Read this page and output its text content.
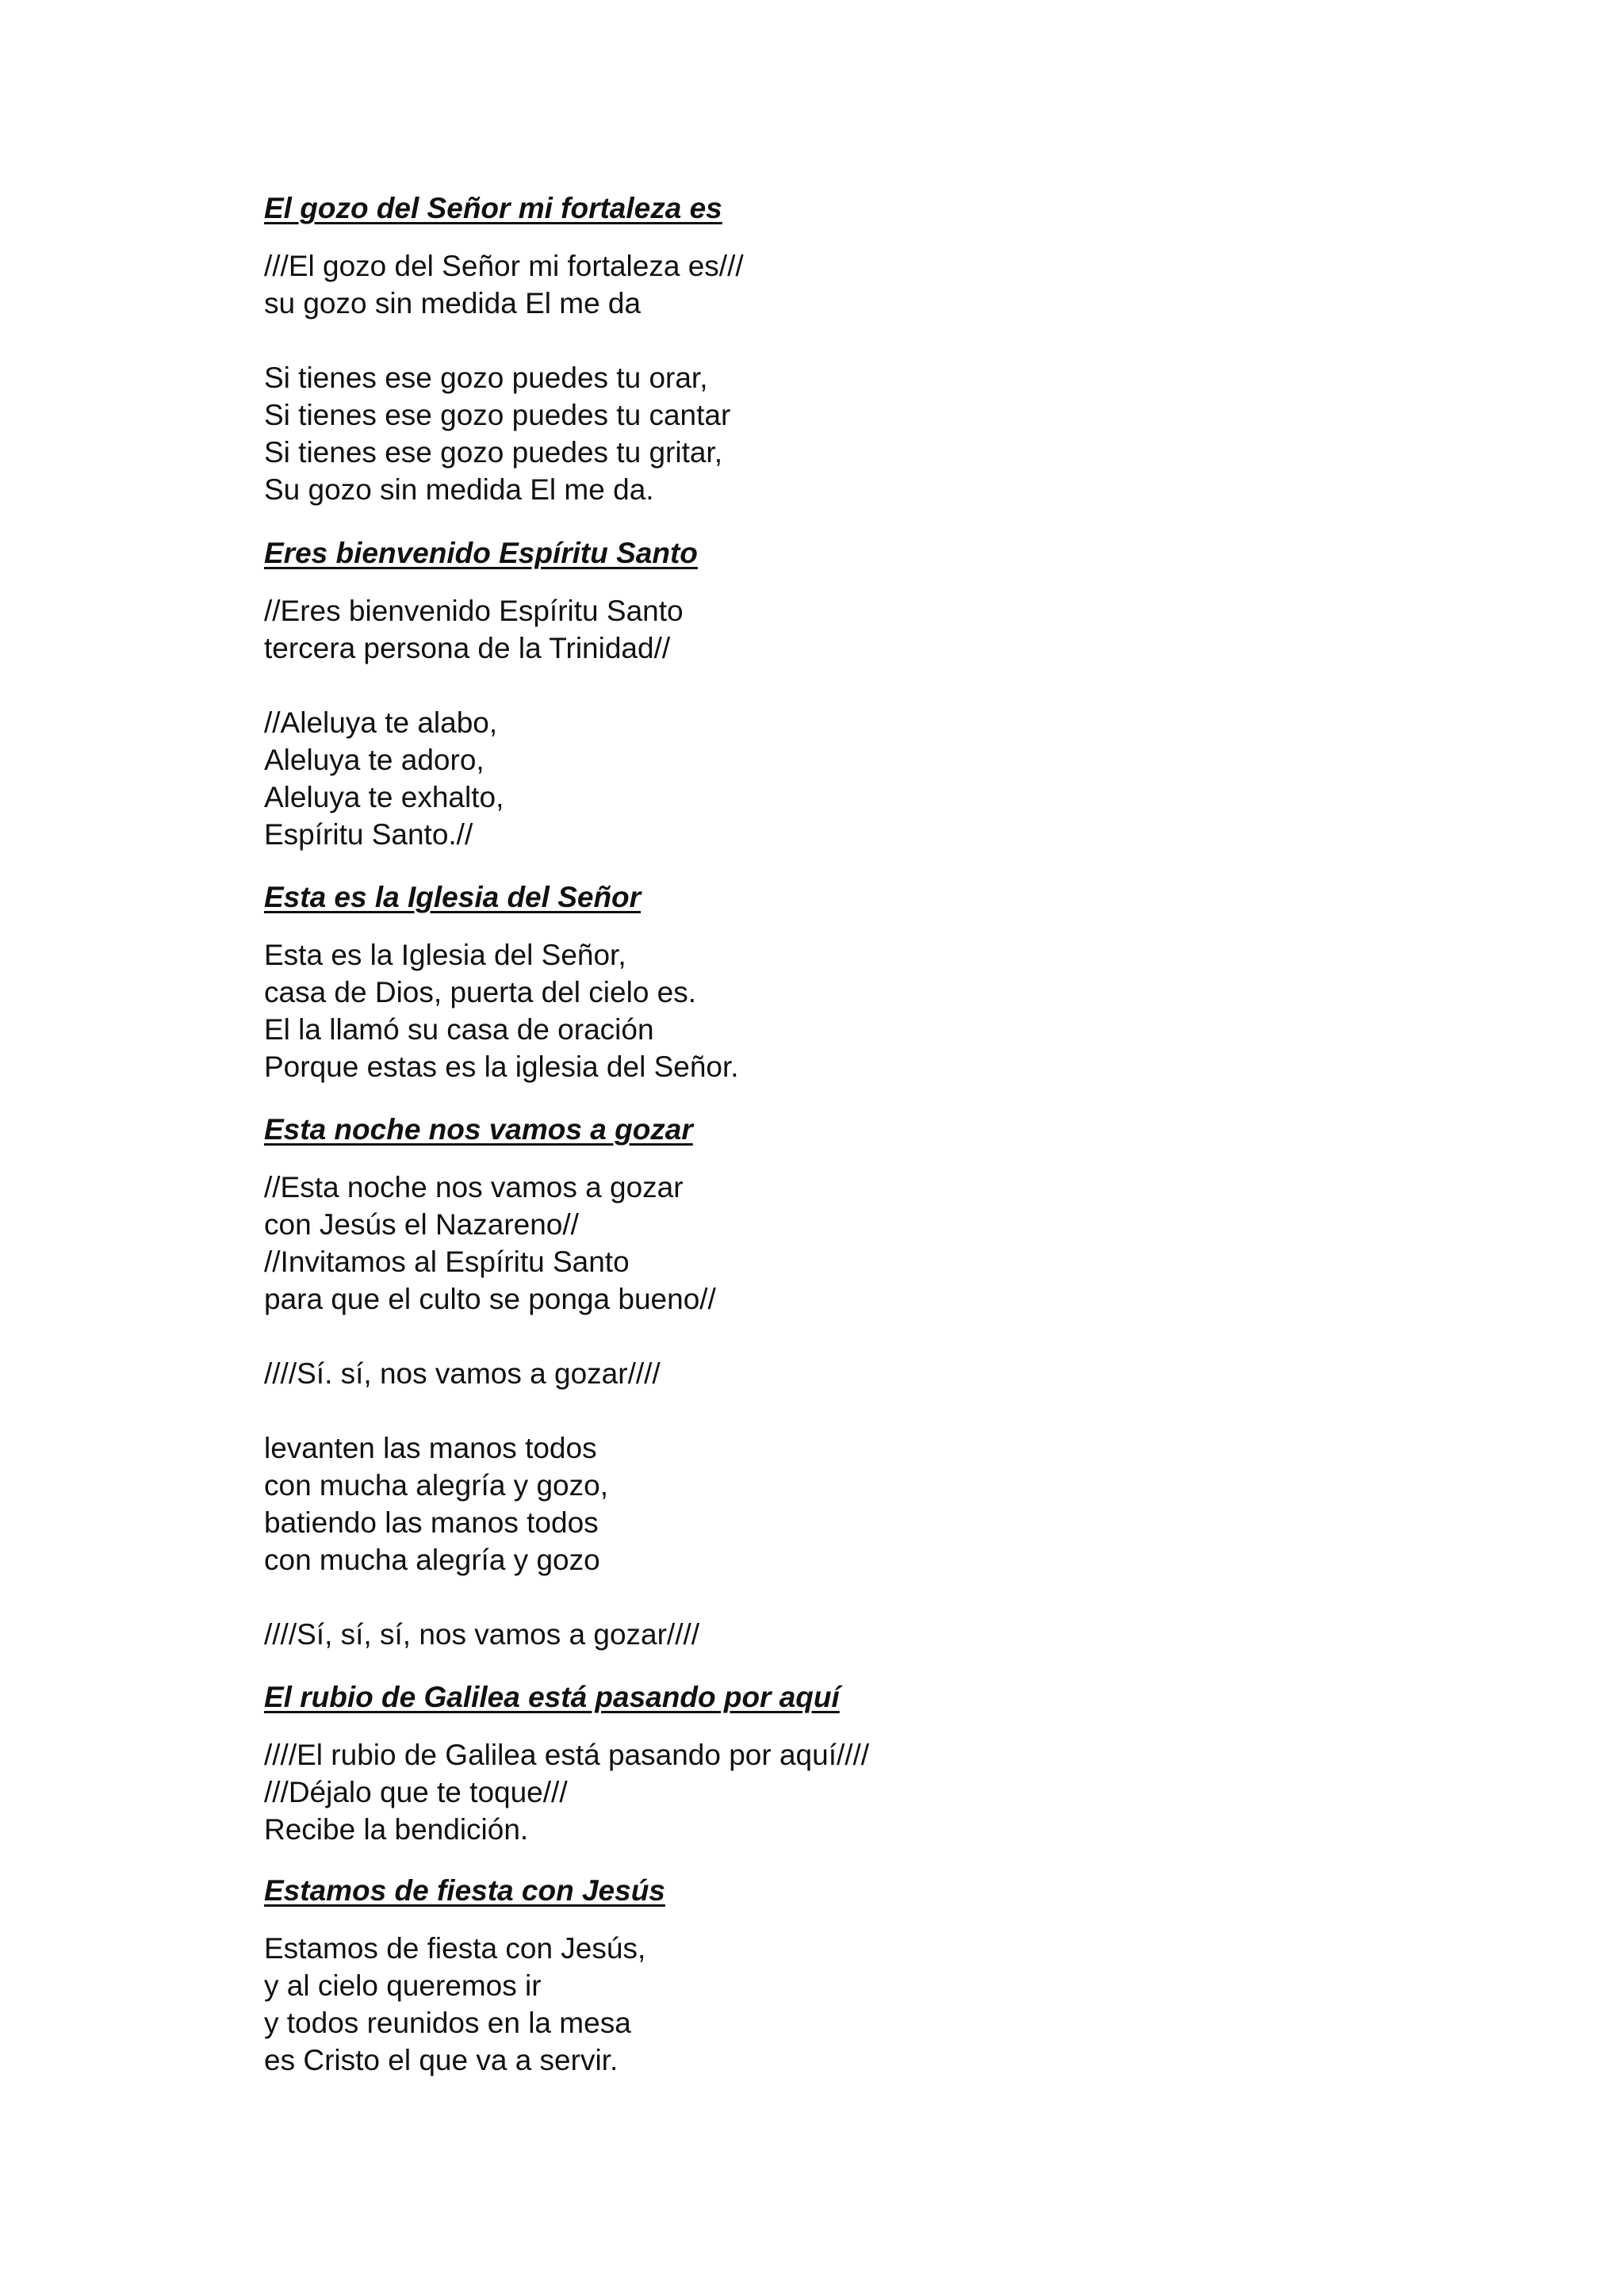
El gozo del Señor mi fortaleza es
///El gozo del Señor mi fortaleza es///
su gozo sin medida El me da
Si tienes ese gozo puedes tu orar,
Si tienes ese gozo puedes tu cantar
Si tienes ese gozo puedes tu gritar,
Su gozo sin medida El me da.
Eres bienvenido Espíritu Santo
//Eres bienvenido Espíritu Santo
tercera persona de la Trinidad//
//Aleluya te alabo,
Aleluya te adoro,
Aleluya te exhalto,
Espíritu Santo.//
Esta es la Iglesia del Señor
Esta es la Iglesia del Señor,
casa de Dios, puerta del cielo es.
El la llamó su casa de oración
Porque estas es la iglesia del Señor.
Esta noche nos vamos a gozar
//Esta noche nos vamos a gozar
con Jesús el Nazareno//
//Invitamos al Espíritu Santo
para que el culto se ponga bueno//
////Sí. sí, nos vamos a gozar////
levanten las manos todos
con mucha alegría y gozo,
batiendo las manos todos
con mucha alegría y gozo
////Sí, sí, sí, nos vamos a gozar////
El rubio de Galilea está pasando por aquí
////El rubio de Galilea está pasando por aquí////
///Déjalo que te toque///
Recibe la bendición.
Estamos de fiesta con Jesús
Estamos de fiesta con Jesús,
y al cielo queremos ir
y todos reunidos en la mesa
es Cristo el que va a servir.
